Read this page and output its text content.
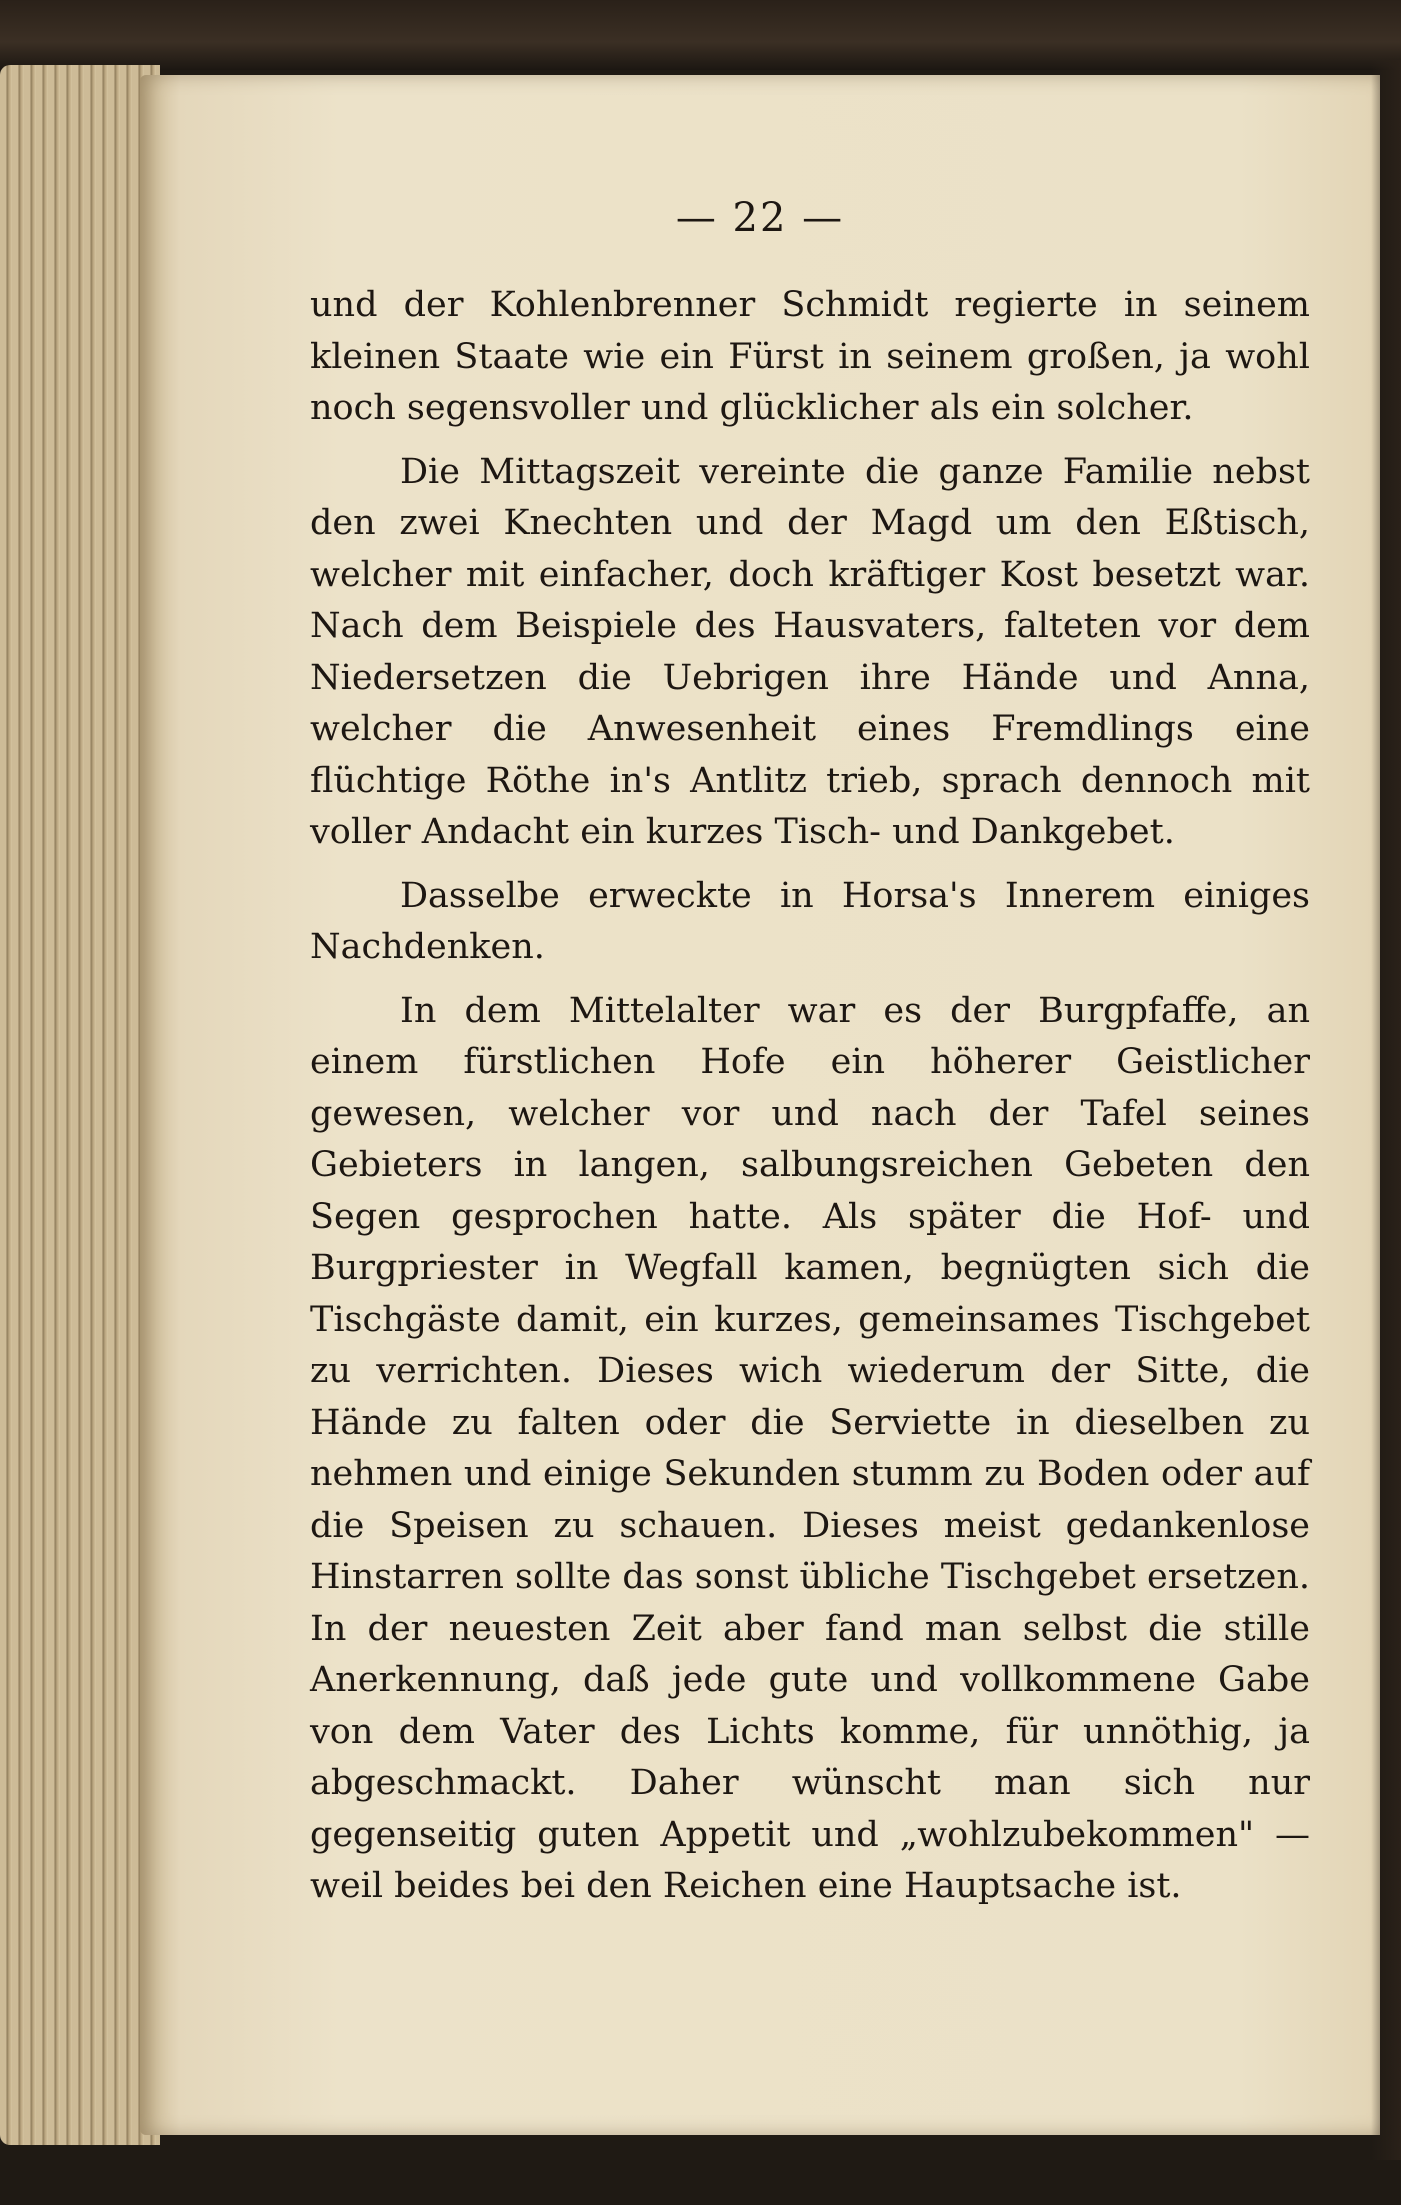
— 22 —

und der Kohlenbrenner Schmidt regierte in seinem kleinen Staate wie ein Fürst in seinem großen, ja wohl noch segensvoller und glücklicher als ein solcher.

Die Mittagszeit vereinte die ganze Familie nebst den zwei Knechten und der Magd um den Eßtisch, welcher mit einfacher, doch kräftiger Kost besetzt war. Nach dem Beispiele des Hausvaters, falteten vor dem Niedersetzen die Uebrigen ihre Hände und Anna, welcher die Anwesenheit eines Fremdlings eine flüchtige Röthe in's Antlitz trieb, sprach dennoch mit voller Andacht ein kurzes Tisch- und Dankgebet.

Dasselbe erweckte in Horsa's Innerem einiges Nachdenken.

In dem Mittelalter war es der Burgpfaffe, an einem fürstlichen Hofe ein höherer Geistlicher gewesen, welcher vor und nach der Tafel seines Gebieters in langen, salbungsreichen Gebeten den Segen gesprochen hatte. Als später die Hof- und Burgpriester in Wegfall kamen, begnügten sich die Tischgäste damit, ein kurzes, gemeinsames Tischgebet zu verrichten. Dieses wich wiederum der Sitte, die Hände zu falten oder die Serviette in dieselben zu nehmen und einige Sekunden stumm zu Boden oder auf die Speisen zu schauen. Dieses meist gedankenlose Hinstarren sollte das sonst übliche Tischgebet ersetzen. In der neuesten Zeit aber fand man selbst die stille Anerkennung, daß jede gute und vollkommene Gabe von dem Vater des Lichts komme, für unnöthig, ja abgeschmackt. Daher wünscht man sich nur gegenseitig guten Appetit und „wohlzubekommen" — weil beides bei den Reichen eine Hauptsache ist.
